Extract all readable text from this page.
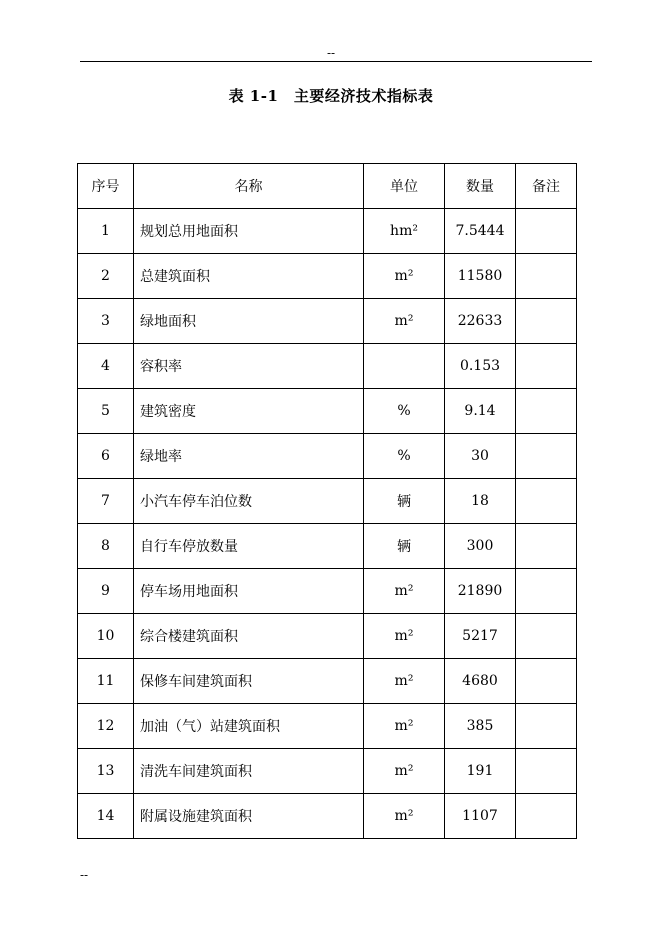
--
表 1-1　主要经济技术指标表
序号	名称	单位	数量	备注
1	规划总用地面积	hm²	7.5444	
2	总建筑面积	m²	11580	
3	绿地面积	m²	22633	
4	容积率		0.153	
5	建筑密度	%	9.14	
6	绿地率	%	30	
7	小汽车停车泊位数	辆	18	
8	自行车停放数量	辆	300	
9	停车场用地面积	m²	21890	
10	综合楼建筑面积	m²	5217	
11	保修车间建筑面积	m²	4680	
12	加油（气）站建筑面积	m²	385	
13	清洗车间建筑面积	m²	191	
14	附属设施建筑面积	m²	1107	
--
